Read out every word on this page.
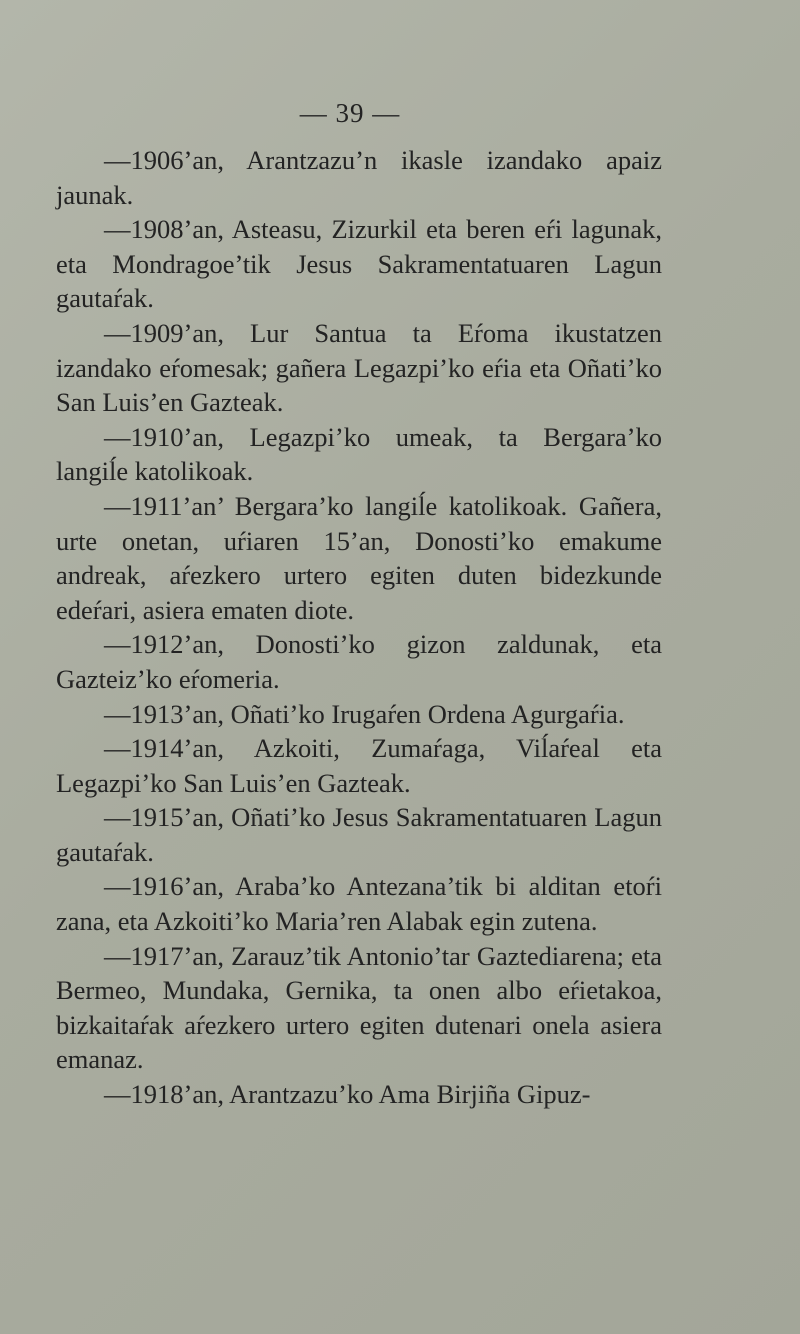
— 39 —

—1906’an, Arantzazu’n ikasle izandako apaiz jaunak.

—1908’an, Asteasu, Zizurkil eta beren eŕi lagunak, eta Mondragoe’tik Jesus Sakramentatuaren Lagun gautaŕak.

—1909’an, Lur Santua ta Eŕoma ikustatzen izandako eŕomesak; gañera Legazpi’ko eŕia eta Oñati’ko San Luis’en Gazteak.

—1910’an, Legazpi’ko umeak, ta Bergara’ko langiĺe katolikoak.

—1911’an’ Bergara’ko langiĺe katolikoak. Gañera, urte onetan, uŕiaren 15’an, Donosti’ko emakume andreak, aŕezkero urtero egiten duten bidezkunde edeŕari, asiera ematen diote.

—1912’an, Donosti’ko gizon zaldunak, eta Gazteiz’ko eŕomeria.

—1913’an, Oñati’ko Irugaŕen Ordena Agurgaŕia.

—1914’an, Azkoiti, Zumaŕaga, Viĺaŕeal eta Legazpi’ko San Luis’en Gazteak.

—1915’an, Oñati’ko Jesus Sakramentatuaren Lagun gautaŕak.

—1916’an, Araba’ko Antezana’tik bi alditan etoŕi zana, eta Azkoiti’ko Maria’ren Alabak egin zutena.

—1917’an, Zarauz’tik Antonio’tar Gaztediarena; eta Bermeo, Mundaka, Gernika, ta onen albo eŕietakoa, bizkaitaŕak aŕezkero urtero egiten dutenari onela asiera emanaz.

—1918’an, Arantzazu’ko Ama Birjiña Gipuz-
